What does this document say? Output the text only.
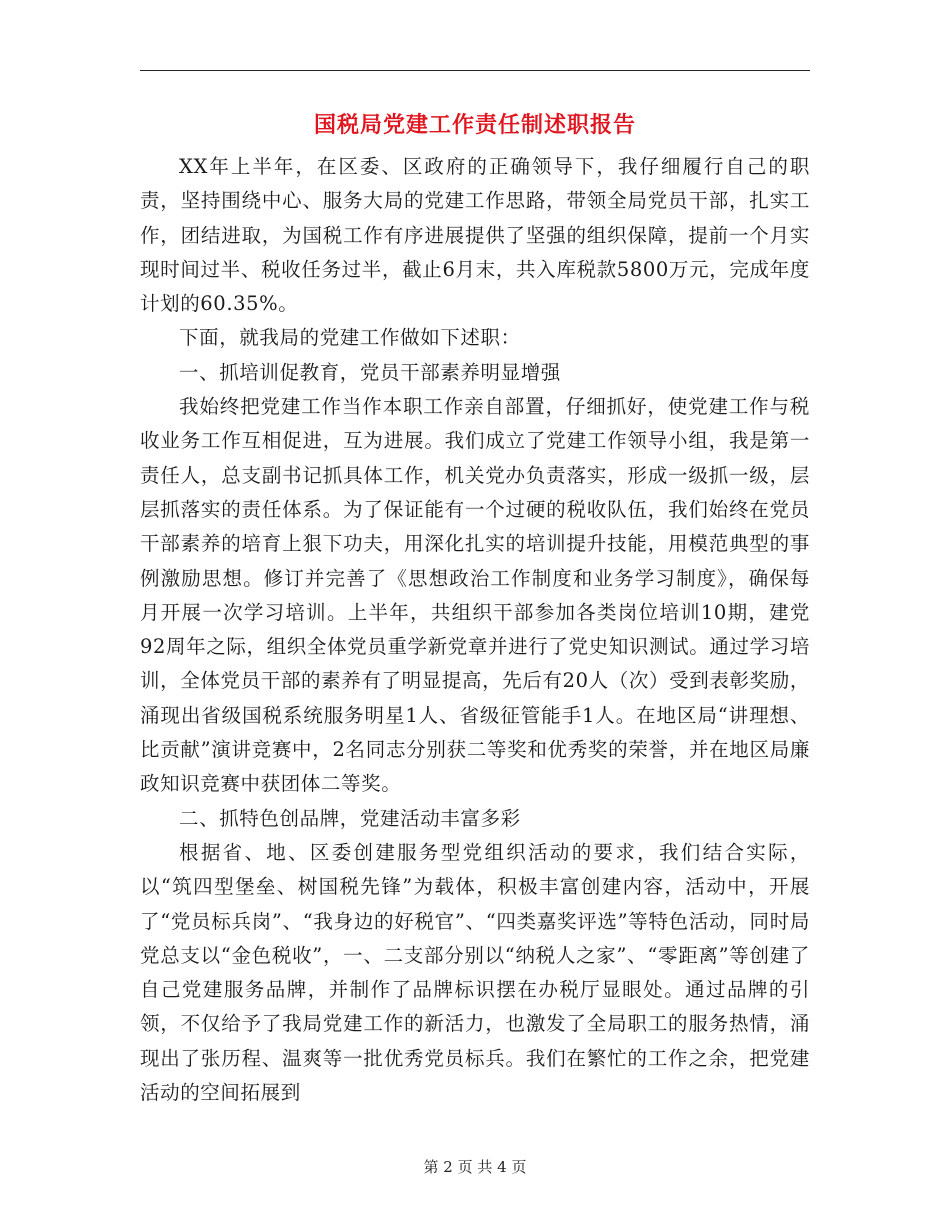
国税局党建工作责任制述职报告

XX年上半年，在区委、区政府的正确领导下，我仔细履行自己的职责，坚持围绕中心、服务大局的党建工作思路，带领全局党员干部，扎实工作，团结进取，为国税工作有序进展提供了坚强的组织保障，提前一个月实现时间过半、税收任务过半，截止6月末，共入库税款5800万元，完成年度计划的60.35%。

下面，就我局的党建工作做如下述职：

一、抓培训促教育，党员干部素养明显增强

我始终把党建工作当作本职工作亲自部置，仔细抓好，使党建工作与税收业务工作互相促进，互为进展。我们成立了党建工作领导小组，我是第一责任人，总支副书记抓具体工作，机关党办负责落实，形成一级抓一级，层层抓落实的责任体系。为了保证能有一个过硬的税收队伍，我们始终在党员干部素养的培育上狠下功夫，用深化扎实的培训提升技能，用模范典型的事例激励思想。修订并完善了《思想政治工作制度和业务学习制度》，确保每月开展一次学习培训。上半年，共组织干部参加各类岗位培训10期，建党92周年之际，组织全体党员重学新党章并进行了党史知识测试。通过学习培训，全体党员干部的素养有了明显提高，先后有20人（次）受到表彰奖励，涌现出省级国税系统服务明星1人、省级征管能手1人。在地区局“讲理想、比贡献”演讲竞赛中，2名同志分别获二等奖和优秀奖的荣誉，并在地区局廉政知识竞赛中获团体二等奖。

二、抓特色创品牌，党建活动丰富多彩

根据省、地、区委创建服务型党组织活动的要求，我们结合实际，以“筑四型堡垒、树国税先锋”为载体，积极丰富创建内容，活动中，开展了“党员标兵岗”、“我身边的好税官”、“四类嘉奖评选”等特色活动，同时局党总支以“金色税收”，一、二支部分别以“纳税人之家”、“零距离”等创建了自己党建服务品牌，并制作了品牌标识摆在办税厅显眼处。通过品牌的引领，不仅给予了我局党建工作的新活力，也激发了全局职工的服务热情，涌现出了张历程、温爽等一批优秀党员标兵。我们在繁忙的工作之余，把党建活动的空间拓展到

第 2 页 共 4 页
